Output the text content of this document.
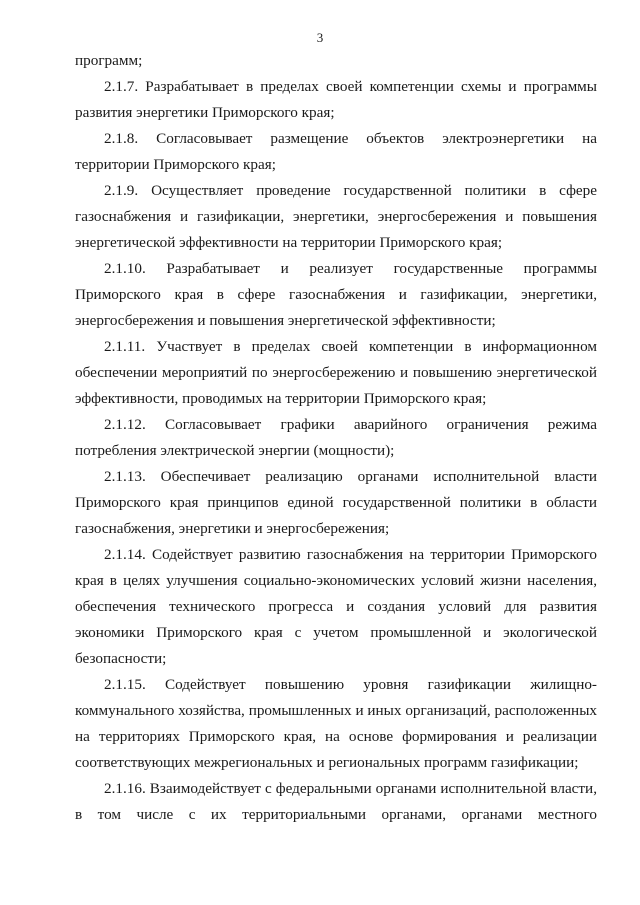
3

программ;

2.1.7. Разрабатывает в пределах своей компетенции схемы и программы развития энергетики Приморского края;

2.1.8. Согласовывает размещение объектов электроэнергетики на территории Приморского края;

2.1.9. Осуществляет проведение государственной политики в сфере газоснабжения и газификации, энергетики, энергосбережения и повышения энергетической эффективности на территории Приморского края;

2.1.10. Разрабатывает и реализует государственные программы Приморского края в сфере газоснабжения и газификации, энергетики, энергосбережения и повышения энергетической эффективности;

2.1.11. Участвует в пределах своей компетенции в информационном обеспечении мероприятий по энергосбережению и повышению энергетической эффективности, проводимых на территории Приморского края;

2.1.12. Согласовывает графики аварийного ограничения режима потребления электрической энергии (мощности);

2.1.13. Обеспечивает реализацию органами исполнительной власти Приморского края принципов единой государственной политики в области газоснабжения, энергетики и энергосбережения;

2.1.14. Содействует развитию газоснабжения на территории Приморского края в целях улучшения социально-экономических условий жизни населения, обеспечения технического прогресса и создания условий для развития экономики Приморского края с учетом промышленной и экологической безопасности;

2.1.15. Содействует повышению уровня газификации жилищно-коммунального хозяйства, промышленных и иных организаций, расположенных на территориях Приморского края, на основе формирования и реализации соответствующих межрегиональных и региональных программ газификации;

2.1.16. Взаимодействует с федеральными органами исполнительной власти, в том числе с их территориальными органами, органами местного
